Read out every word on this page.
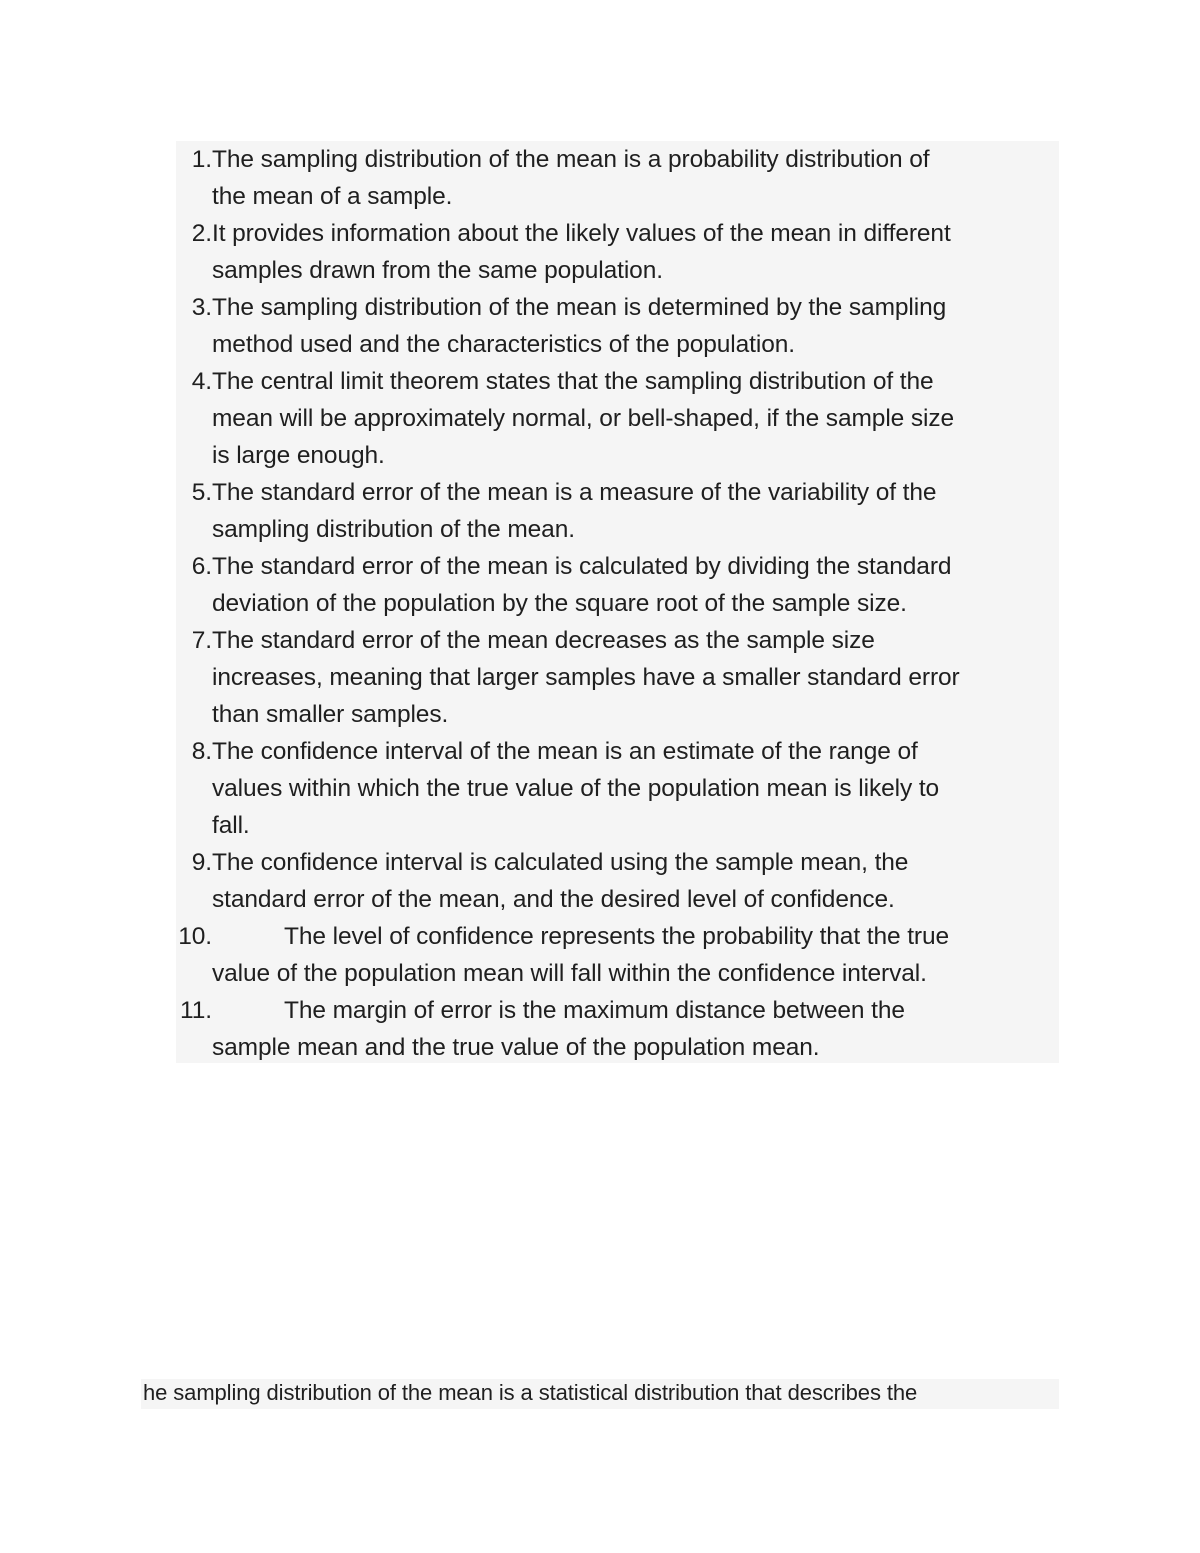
1. The sampling distribution of the mean is a probability distribution of
the mean of a sample.
2. It provides information about the likely values of the mean in different
samples drawn from the same population.
3. The sampling distribution of the mean is determined by the sampling
method used and the characteristics of the population.
4. The central limit theorem states that the sampling distribution of the
mean will be approximately normal, or bell-shaped, if the sample size
is large enough.
5. The standard error of the mean is a measure of the variability of the
sampling distribution of the mean.
6. The standard error of the mean is calculated by dividing the standard
deviation of the population by the square root of the sample size.
7. The standard error of the mean decreases as the sample size
increases, meaning that larger samples have a smaller standard error
than smaller samples.
8. The confidence interval of the mean is an estimate of the range of
values within which the true value of the population mean is likely to
fall.
9. The confidence interval is calculated using the sample mean, the
standard error of the mean, and the desired level of confidence.
10.	The level of confidence represents the probability that the true
value of the population mean will fall within the confidence interval.
11.	The margin of error is the maximum distance between the
sample mean and the true value of the population mean.
he sampling distribution of the mean is a statistical distribution that describes the
